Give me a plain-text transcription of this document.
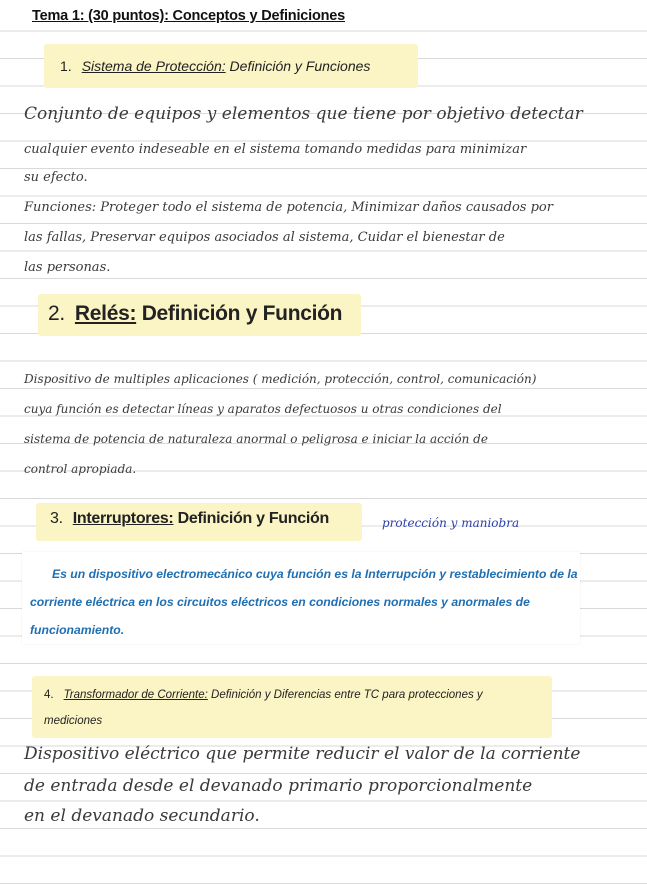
Tema 1: (30 puntos): Conceptos y Definiciones
1. Sistema de Protección: Definición y Funciones
Conjunto de equipos y elementos que tiene por objetivo detectar
cualquier evento indeseable en el sistema tomando medidas para minimizar
su efecto.
Funciones: Proteger todo el sistema de potencia, Minimizar daños causados por
las fallas, Preservar equipos asociados al sistema, Cuidar el bienestar de
las personas.
2. Relés: Definición y Función
Dispositivo de multiples aplicaciones ( medición, protección, control, comunicación)
cuya función es detectar líneas y aparatos defectuosos u otras condiciones del
sistema de potencia de naturaleza anormal o peligrosa e iniciar la acción de
control apropiada.
3. Interruptores: Definición y Función	protección y maniobra
Es un dispositivo electromecánico cuya función es la Interrupción y restablecimiento de la corriente eléctrica en los circuitos eléctricos en condiciones normales y anormales de funcionamiento.
4. Transformador de Corriente: Definición y Diferencias entre TC para protecciones y mediciones
Dispositivo eléctrico que permite reducir el valor de la corriente
de entrada desde el devanado primario proporcionalmente
en el devanado secundario.
